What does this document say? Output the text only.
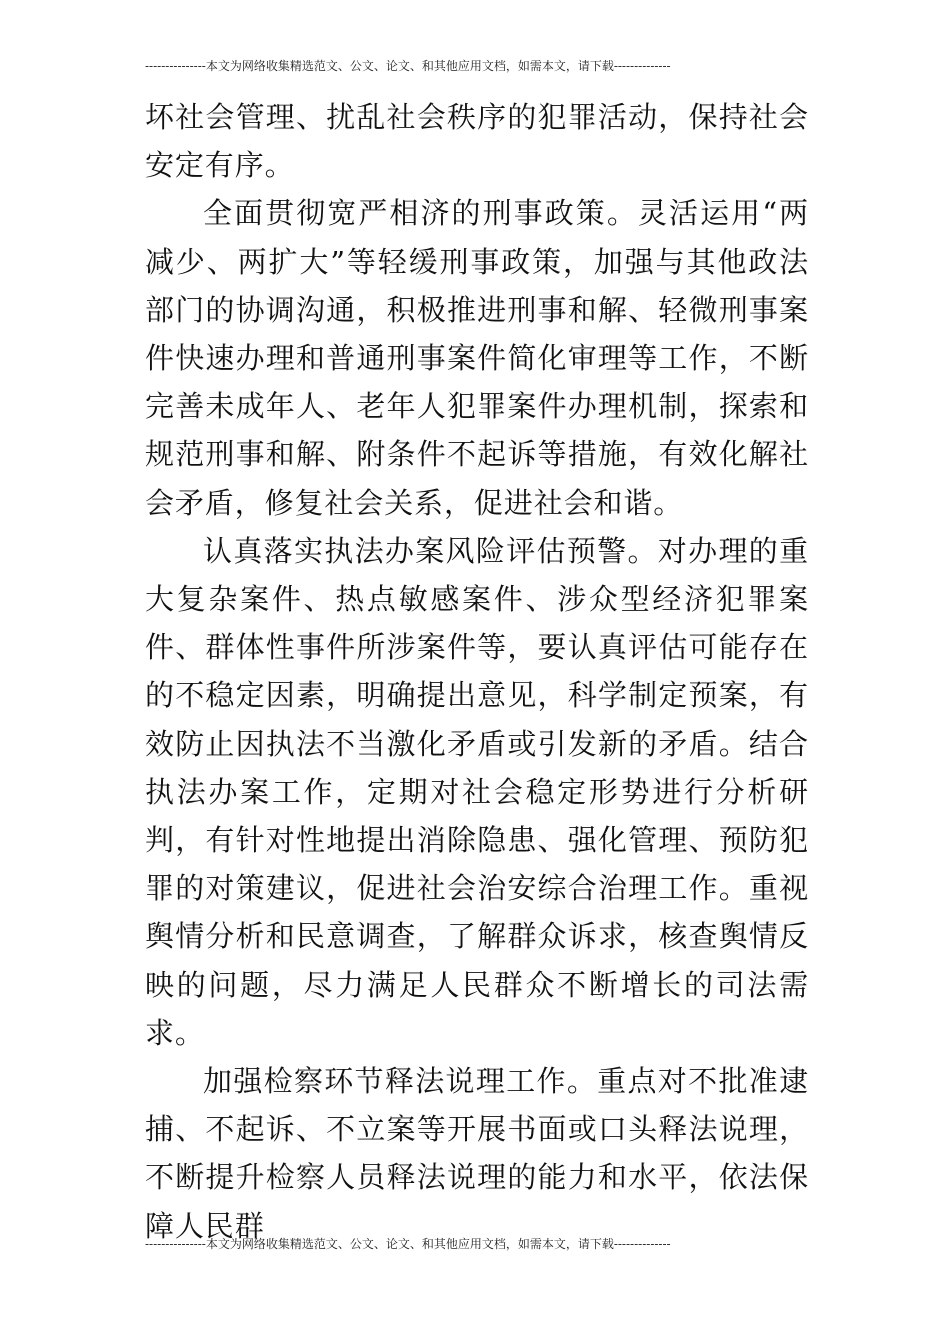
---------------本文为网络收集精选范文、公文、论文、和其他应用文档，如需本文，请下载--------------

坏社会管理、扰乱社会秩序的犯罪活动，保持社会安定有序。

全面贯彻宽严相济的刑事政策。灵活运用“两减少、两扩大”等轻缓刑事政策，加强与其他政法部门的协调沟通，积极推进刑事和解、轻微刑事案件快速办理和普通刑事案件简化审理等工作，不断完善未成年人、老年人犯罪案件办理机制，探索和规范刑事和解、附条件不起诉等措施，有效化解社会矛盾，修复社会关系，促进社会和谐。

认真落实执法办案风险评估预警。对办理的重大复杂案件、热点敏感案件、涉众型经济犯罪案件、群体性事件所涉案件等，要认真评估可能存在的不稳定因素，明确提出意见，科学制定预案，有效防止因执法不当激化矛盾或引发新的矛盾。结合执法办案工作，定期对社会稳定形势进行分析研判，有针对性地提出消除隐患、强化管理、预防犯罪的对策建议，促进社会治安综合治理工作。重视舆情分析和民意调查，了解群众诉求，核查舆情反映的问题，尽力满足人民群众不断增长的司法需求。

加强检察环节释法说理工作。重点对不批准逮捕、不起诉、不立案等开展书面或口头释法说理，不断提升检察人员释法说理的能力和水平，依法保障人民群

---------------本文为网络收集精选范文、公文、论文、和其他应用文档，如需本文，请下载--------------
